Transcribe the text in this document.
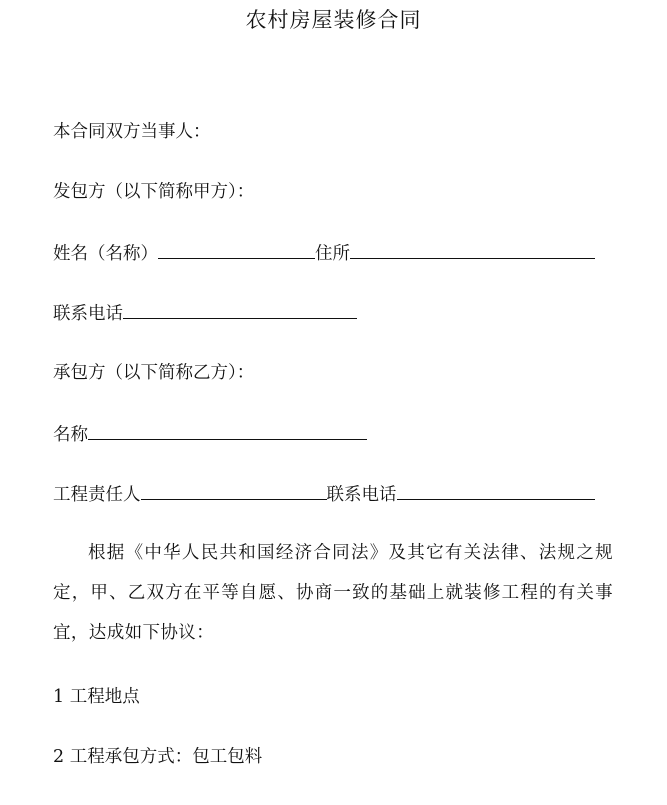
农村房屋装修合同
本合同双方当事人：
发包方（以下简称甲方）：
姓名（名称）	住所
联系电话
承包方（以下简称乙方）：
名称
工程责任人	联系电话
根据《中华人民共和国经济合同法》及其它有关法律、法规之规定，甲、乙双方在平等自愿、协商一致的基础上就装修工程的有关事宜，达成如下协议：
1 工程地点
2 工程承包方式：包工包料
